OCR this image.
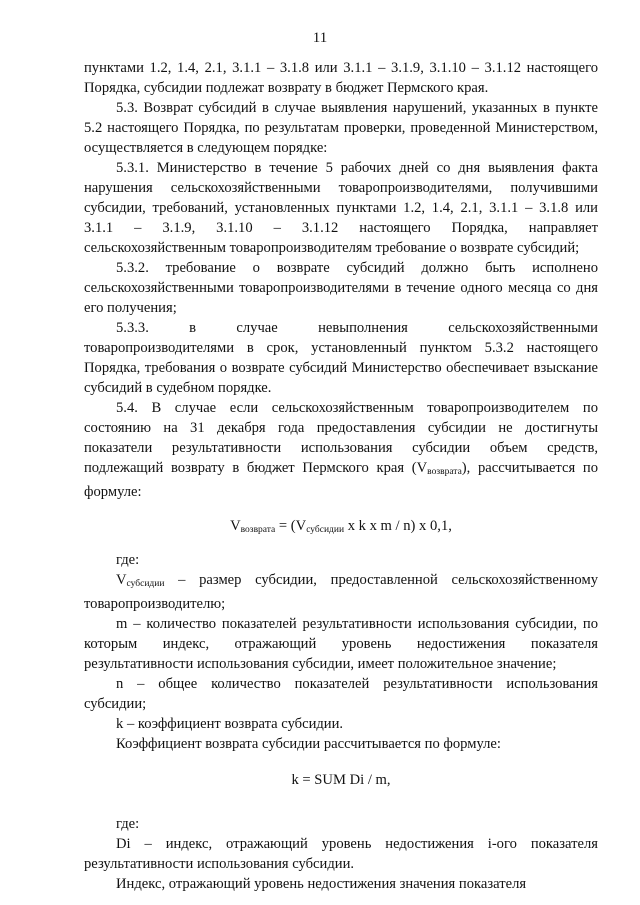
11

пунктами 1.2, 1.4, 2.1, 3.1.1 – 3.1.8 или 3.1.1 – 3.1.9, 3.1.10 – 3.1.12 настоящего Порядка, субсидии подлежат возврату в бюджет Пермского края.

5.3. Возврат субсидий в случае выявления нарушений, указанных в пункте 5.2 настоящего Порядка, по результатам проверки, проведенной Министерством, осуществляется в следующем порядке:

5.3.1. Министерство в течение 5 рабочих дней со дня выявления факта нарушения сельскохозяйственными товаропроизводителями, получившими субсидии, требований, установленных пунктами 1.2, 1.4, 2.1, 3.1.1 – 3.1.8 или 3.1.1 – 3.1.9, 3.1.10 – 3.1.12 настоящего Порядка, направляет сельскохозяйственным товаропроизводителям требование о возврате субсидий;

5.3.2. требование о возврате субсидий должно быть исполнено сельскохозяйственными товаропроизводителями в течение одного месяца со дня его получения;

5.3.3. в случае невыполнения сельскохозяйственными товаропроизводителями в срок, установленный пунктом 5.3.2 настоящего Порядка, требования о возврате субсидий Министерство обеспечивает взыскание субсидий в судебном порядке.

5.4. В случае если сельскохозяйственным товаропроизводителем по состоянию на 31 декабря года предоставления субсидии не достигнуты показатели результативности использования субсидии объем средств, подлежащий возврату в бюджет Пермского края $(V_{возврата})$, рассчитывается по формуле:

$V_{возврата} = (V_{субсидии}$ x k x m / n) x 0,1,

где:

$V_{субсидии}$ – размер субсидии, предоставленной сельскохозяйственному товаропроизводителю;

m – количество показателей результативности использования субсидии, по которым индекс, отражающий уровень недостижения показателя результативности использования субсидии, имеет положительное значение;

n – общее количество показателей результативности использования субсидии;

k – коэффициент возврата субсидии.

Коэффициент возврата субсидии рассчитывается по формуле:

k = SUM Di / m,

где:

Di – индекс, отражающий уровень недостижения i-ого показателя результативности использования субсидии.

Индекс, отражающий уровень недостижения значения показателя
